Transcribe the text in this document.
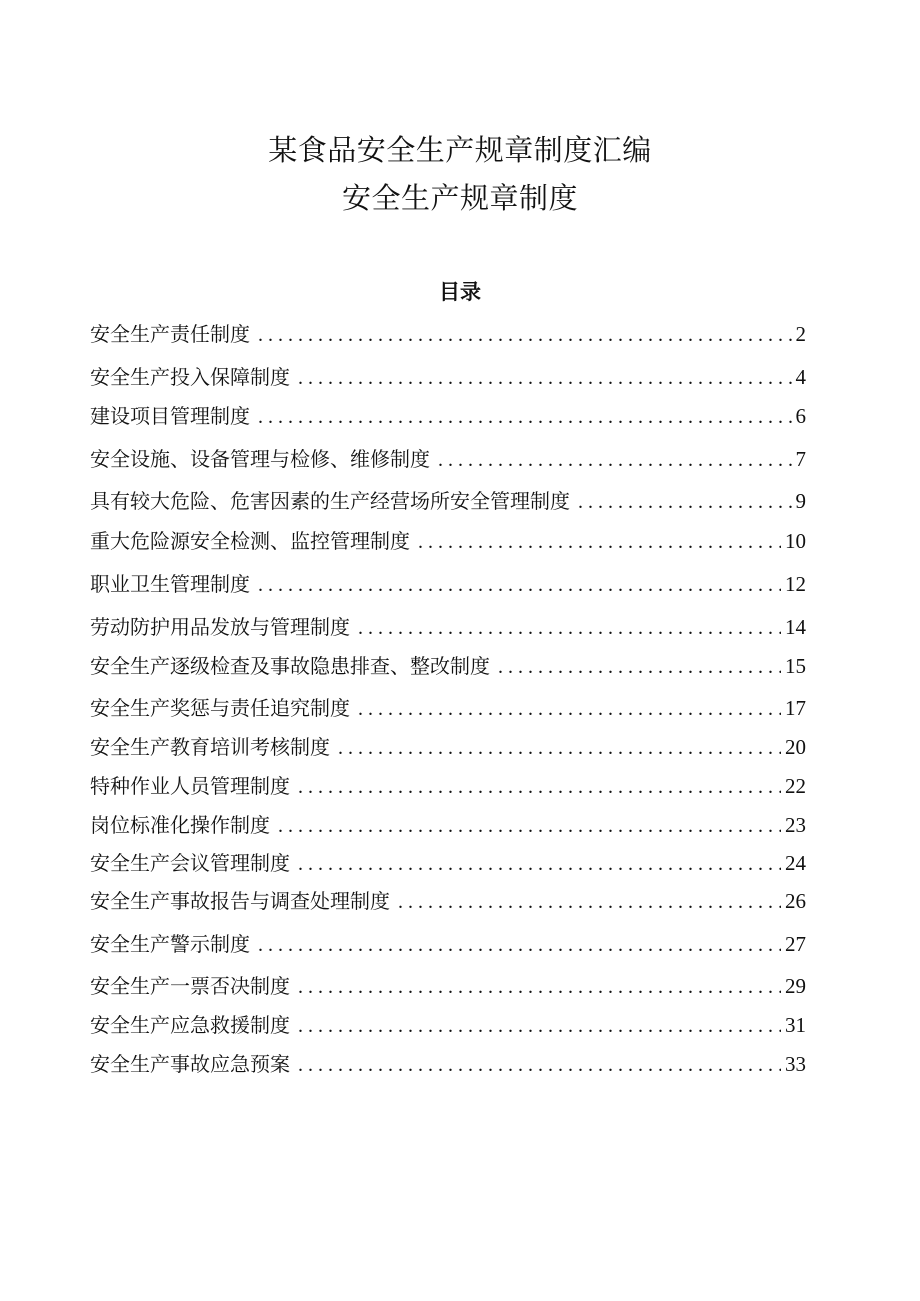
某食品安全生产规章制度汇编
安全生产规章制度
目录
安全生产责任制度 . . .	2
安全生产投入保障制度 . . .	4
建设项目管理制度 . . .	6
安全设施、设备管理与检修、维修制度 . . .	7
具有较大危险、危害因素的生产经营场所安全管理制度 . . .	9
重大危险源安全检测、监控管理制度 . . .	10
职业卫生管理制度 . . .	12
劳动防护用品发放与管理制度 . . .	14
安全生产逐级检查及事故隐患排查、整改制度 . . .	15
安全生产奖惩与责任追究制度 . . .	17
安全生产教育培训考核制度 . . .	20
特种作业人员管理制度 . . .	22
岗位标准化操作制度 . . .	23
安全生产会议管理制度 . . .	24
安全生产事故报告与调查处理制度 . . .	26
安全生产警示制度 . . .	27
安全生产一票否决制度 . . .	29
安全生产应急救援制度 . . .	31
安全生产事故应急预案 . . .	33
